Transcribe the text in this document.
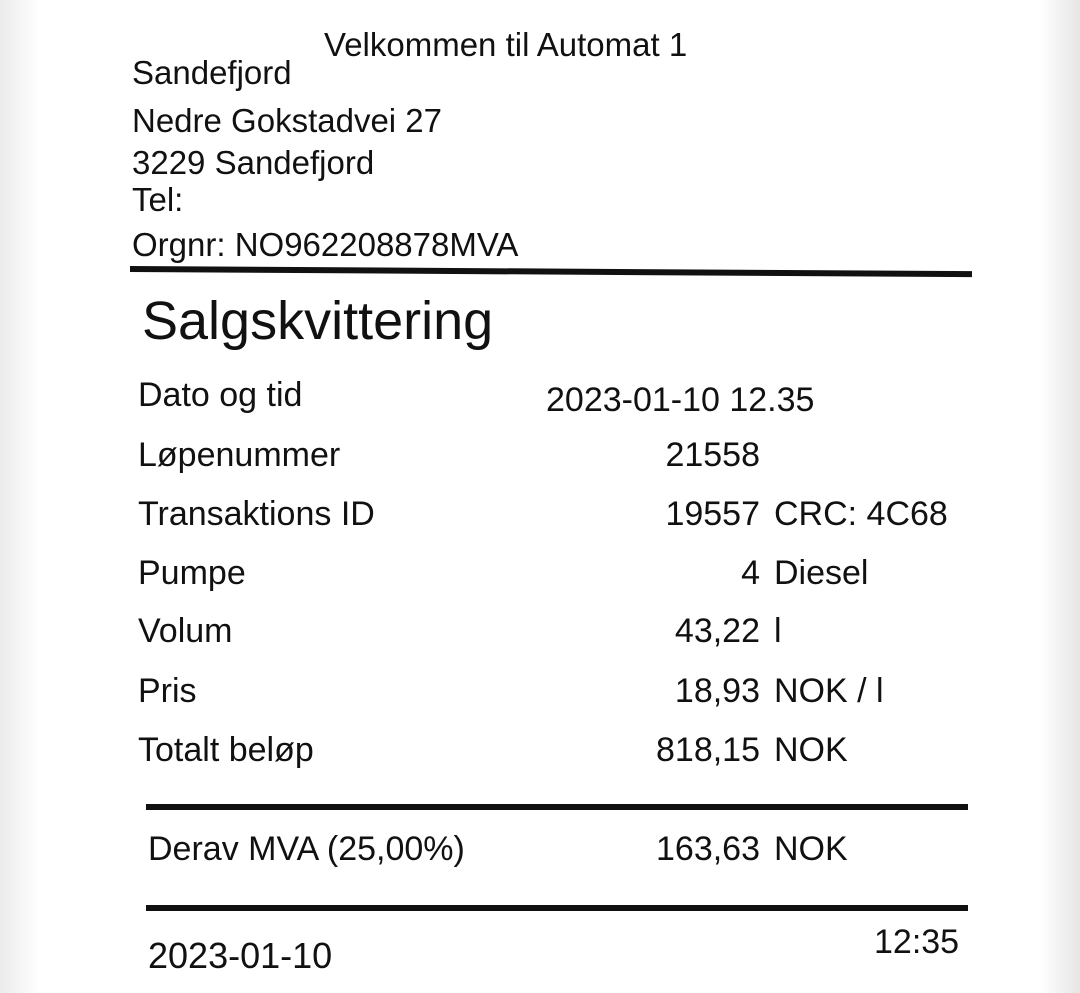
Velkommen til Automat 1
Sandefjord
Nedre Gokstadvei 27
3229 Sandefjord
Tel:
Orgnr: NO962208878MVA
Salgskvittering
Dato og tid	2023-01-10 12.35
Løpenummer	21558
Transaktions ID	19557 CRC: 4C68
Pumpe	4 Diesel
Volum	43,22 l
Pris	18,93 NOK / l
Totalt beløp	818,15 NOK
Derav MVA (25,00%)	163,63 NOK
2023-01-10	12:35
